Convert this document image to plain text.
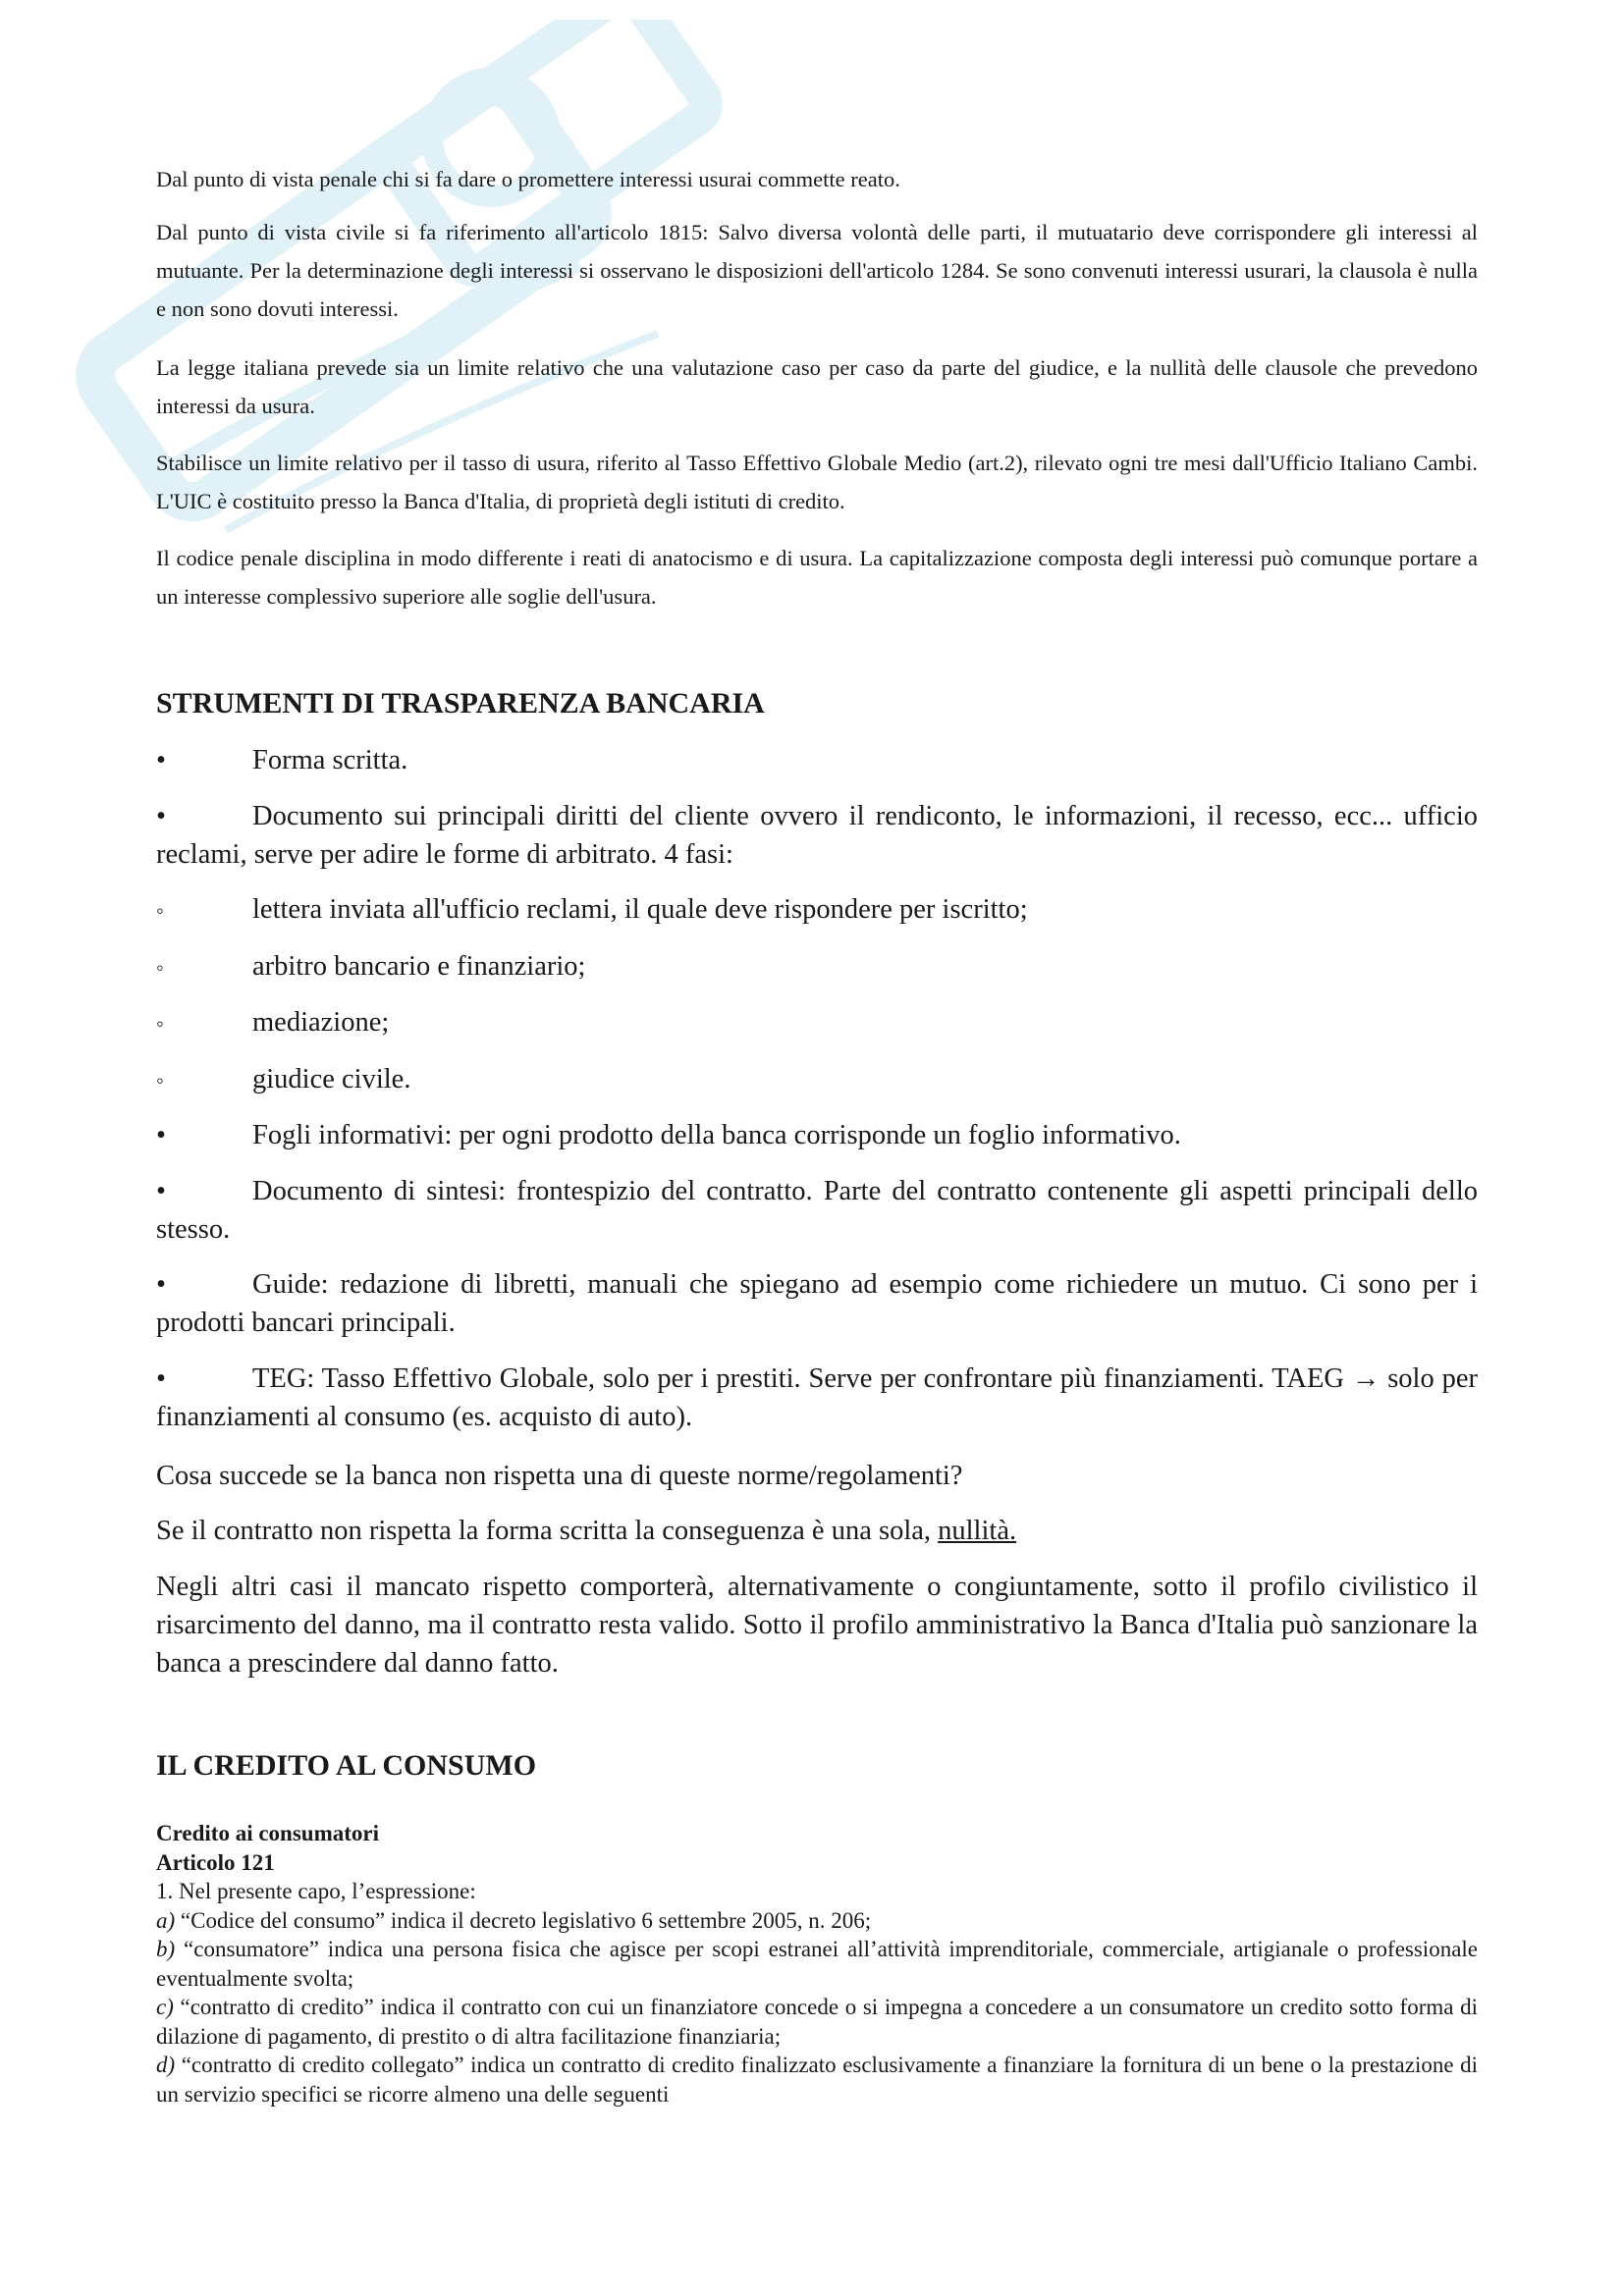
Dal punto di vista penale chi si fa dare o promettere interessi usurai commette reato.

Dal punto di vista civile si fa riferimento all'articolo 1815: Salvo diversa volontà delle parti, il mutuatario deve corrispondere gli interessi al mutuante. Per la determinazione degli interessi si osservano le disposizioni dell'articolo 1284. Se sono convenuti interessi usurari, la clausola è nulla e non sono dovuti interessi.

La legge italiana prevede sia un limite relativo che una valutazione caso per caso da parte del giudice, e la nullità delle clausole che prevedono interessi da usura.

Stabilisce un limite relativo per il tasso di usura, riferito al Tasso Effettivo Globale Medio (art.2), rilevato ogni tre mesi dall'Ufficio Italiano Cambi. L'UIC è costituito presso la Banca d'Italia, di proprietà degli istituti di credito.

Il codice penale disciplina in modo differente i reati di anatocismo e di usura. La capitalizzazione composta degli interessi può comunque portare a un interesse complessivo superiore alle soglie dell'usura.

STRUMENTI DI TRASPARENZA BANCARIA
•	Forma scritta.
•	Documento sui principali diritti del cliente ovvero il rendiconto, le informazioni, il recesso, ecc... ufficio reclami, serve per adire le forme di arbitrato. 4 fasi:
◦	lettera inviata all'ufficio reclami, il quale deve rispondere per iscritto;
◦	arbitro bancario e finanziario;
◦	mediazione;
◦	giudice civile.
•	Fogli informativi: per ogni prodotto della banca corrisponde un foglio informativo.
•	Documento di sintesi: frontespizio del contratto. Parte del contratto contenente gli aspetti principali dello stesso.
•	Guide: redazione di libretti, manuali che spiegano ad esempio come richiedere un mutuo. Ci sono per i prodotti bancari principali.
•	TEG: Tasso Effettivo Globale, solo per i prestiti. Serve per confrontare più finanziamenti. TAEG → solo per finanziamenti al consumo (es. acquisto di auto).

Cosa succede se la banca non rispetta una di queste norme/regolamenti?

Se il contratto non rispetta la forma scritta la conseguenza è una sola, nullità.

Negli altri casi il mancato rispetto comporterà, alternativamente o congiuntamente, sotto il profilo civilistico il risarcimento del danno, ma il contratto resta valido. Sotto il profilo amministrativo la Banca d'Italia può sanzionare la banca a prescindere dal danno fatto.

IL CREDITO AL CONSUMO

Credito ai consumatori

Articolo 121

1. Nel presente capo, l’espressione:

a) “Codice del consumo” indica il decreto legislativo 6 settembre 2005, n. 206;

b) “consumatore” indica una persona fisica che agisce per scopi estranei all’attività imprenditoriale, commerciale, artigianale o professionale eventualmente svolta;

c) “contratto di credito” indica il contratto con cui un finanziatore concede o si impegna a concedere a un consumatore un credito sotto forma di dilazione di pagamento, di prestito o di altra facilitazione finanziaria;

d) “contratto di credito collegato” indica un contratto di credito finalizzato esclusivamente a finanziare la fornitura di un bene o la prestazione di un servizio specifici se ricorre almeno una delle seguenti
